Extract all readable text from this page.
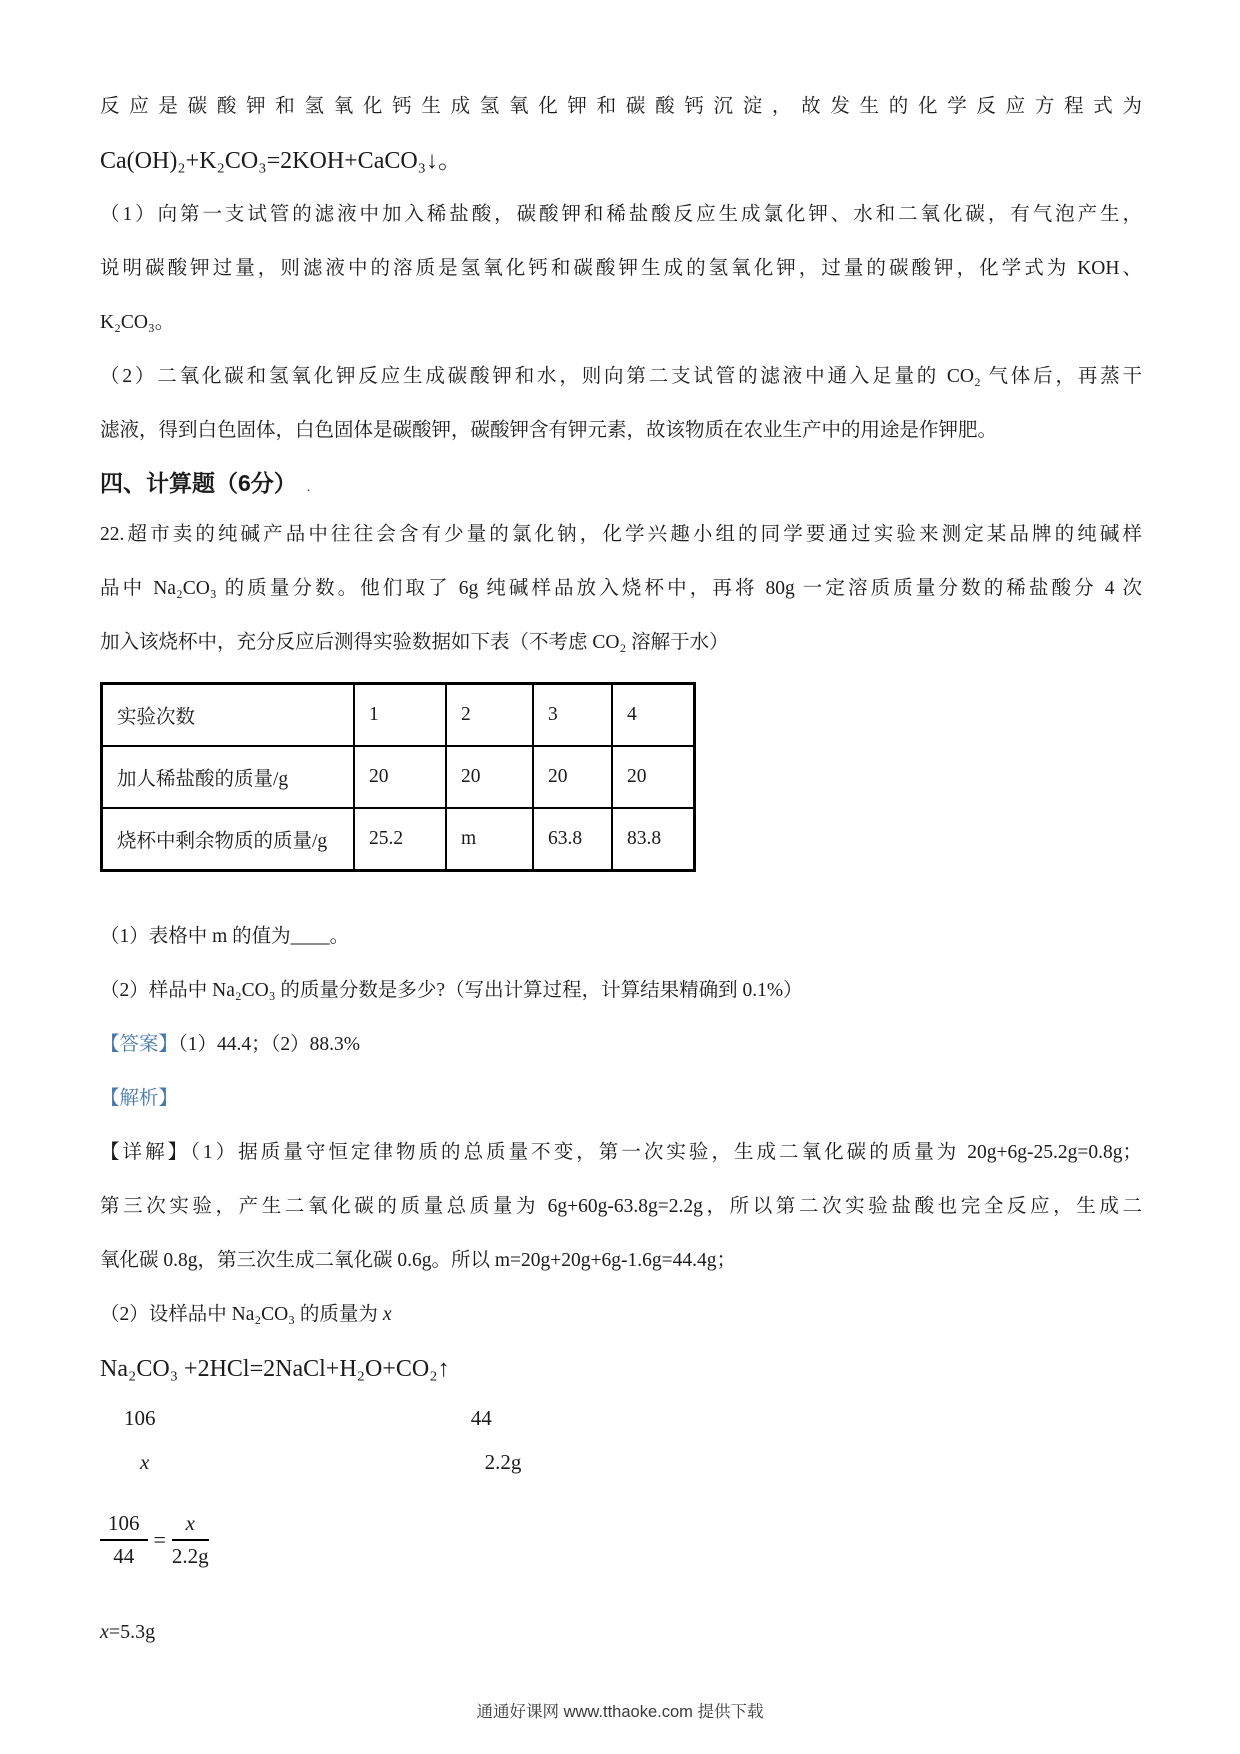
反应是碳酸钾和氢氧化钙生成氢氧化钾和碳酸钙沉淀，故发生的化学反应方程式为
Ca(OH)₂+K₂CO₃=2KOH+CaCO₃↓。
（1）向第一支试管的滤液中加入稀盐酸，碳酸钾和稀盐酸反应生成氯化钾、水和二氧化碳，有气泡产生，
说明碳酸钾过量，则滤液中的溶质是氢氧化钙和碳酸钾生成的氢氧化钾，过量的碳酸钾，化学式为 KOH、
K₂CO₃。
（2）二氧化碳和氢氧化钾反应生成碳酸钾和水，则向第二支试管的滤液中通入足量的 CO₂ 气体后，再蒸干
滤液，得到白色固体，白色固体是碳酸钾，碳酸钾含有钾元素，故该物质在农业生产中的用途是作钾肥。
四、计算题（6分） .
22.超市卖的纯碱产品中往往会含有少量的氯化钠，化学兴趣小组的同学要通过实验来测定某品牌的纯碱样
品中 Na₂CO₃ 的质量分数。他们取了 6g 纯碱样品放入烧杯中，再将 80g 一定溶质质量分数的稀盐酸分 4 次
加入该烧杯中，充分反应后测得实验数据如下表（不考虑 CO₂ 溶解于水）
实验次数	1	2	3	4
加人稀盐酸的质量/g	20	20	20	20
烧杯中剩余物质的质量/g	25.2	m	63.8	83.8
（1）表格中 m 的值为____。
（2）样品中 Na₂CO₃ 的质量分数是多少?（写出计算过程，计算结果精确到 0.1%）
【答案】（1）44.4；（2）88.3%
【解析】
【详解】（1）据质量守恒定律物质的总质量不变，第一次实验，生成二氧化碳的质量为 20g+6g-25.2g=0.8g；
第三次实验，产生二氧化碳的质量总质量为 6g+60g-63.8g=2.2g，所以第二次实验盐酸也完全反应，生成二
氧化碳 0.8g，第三次生成二氧化碳 0.6g。所以 m=20g+20g+6g-1.6g=44.4g；
（2）设样品中 Na₂CO₃ 的质量为 x
Na₂CO₃ +2HCl=2NaCl+H₂O+CO₂↑
106	44
x	2.2g
$\frac{106}{44} = \frac{x}{2.2g}$
x=5.3g
通通好课网 www.tthaoke.com 提供下载
